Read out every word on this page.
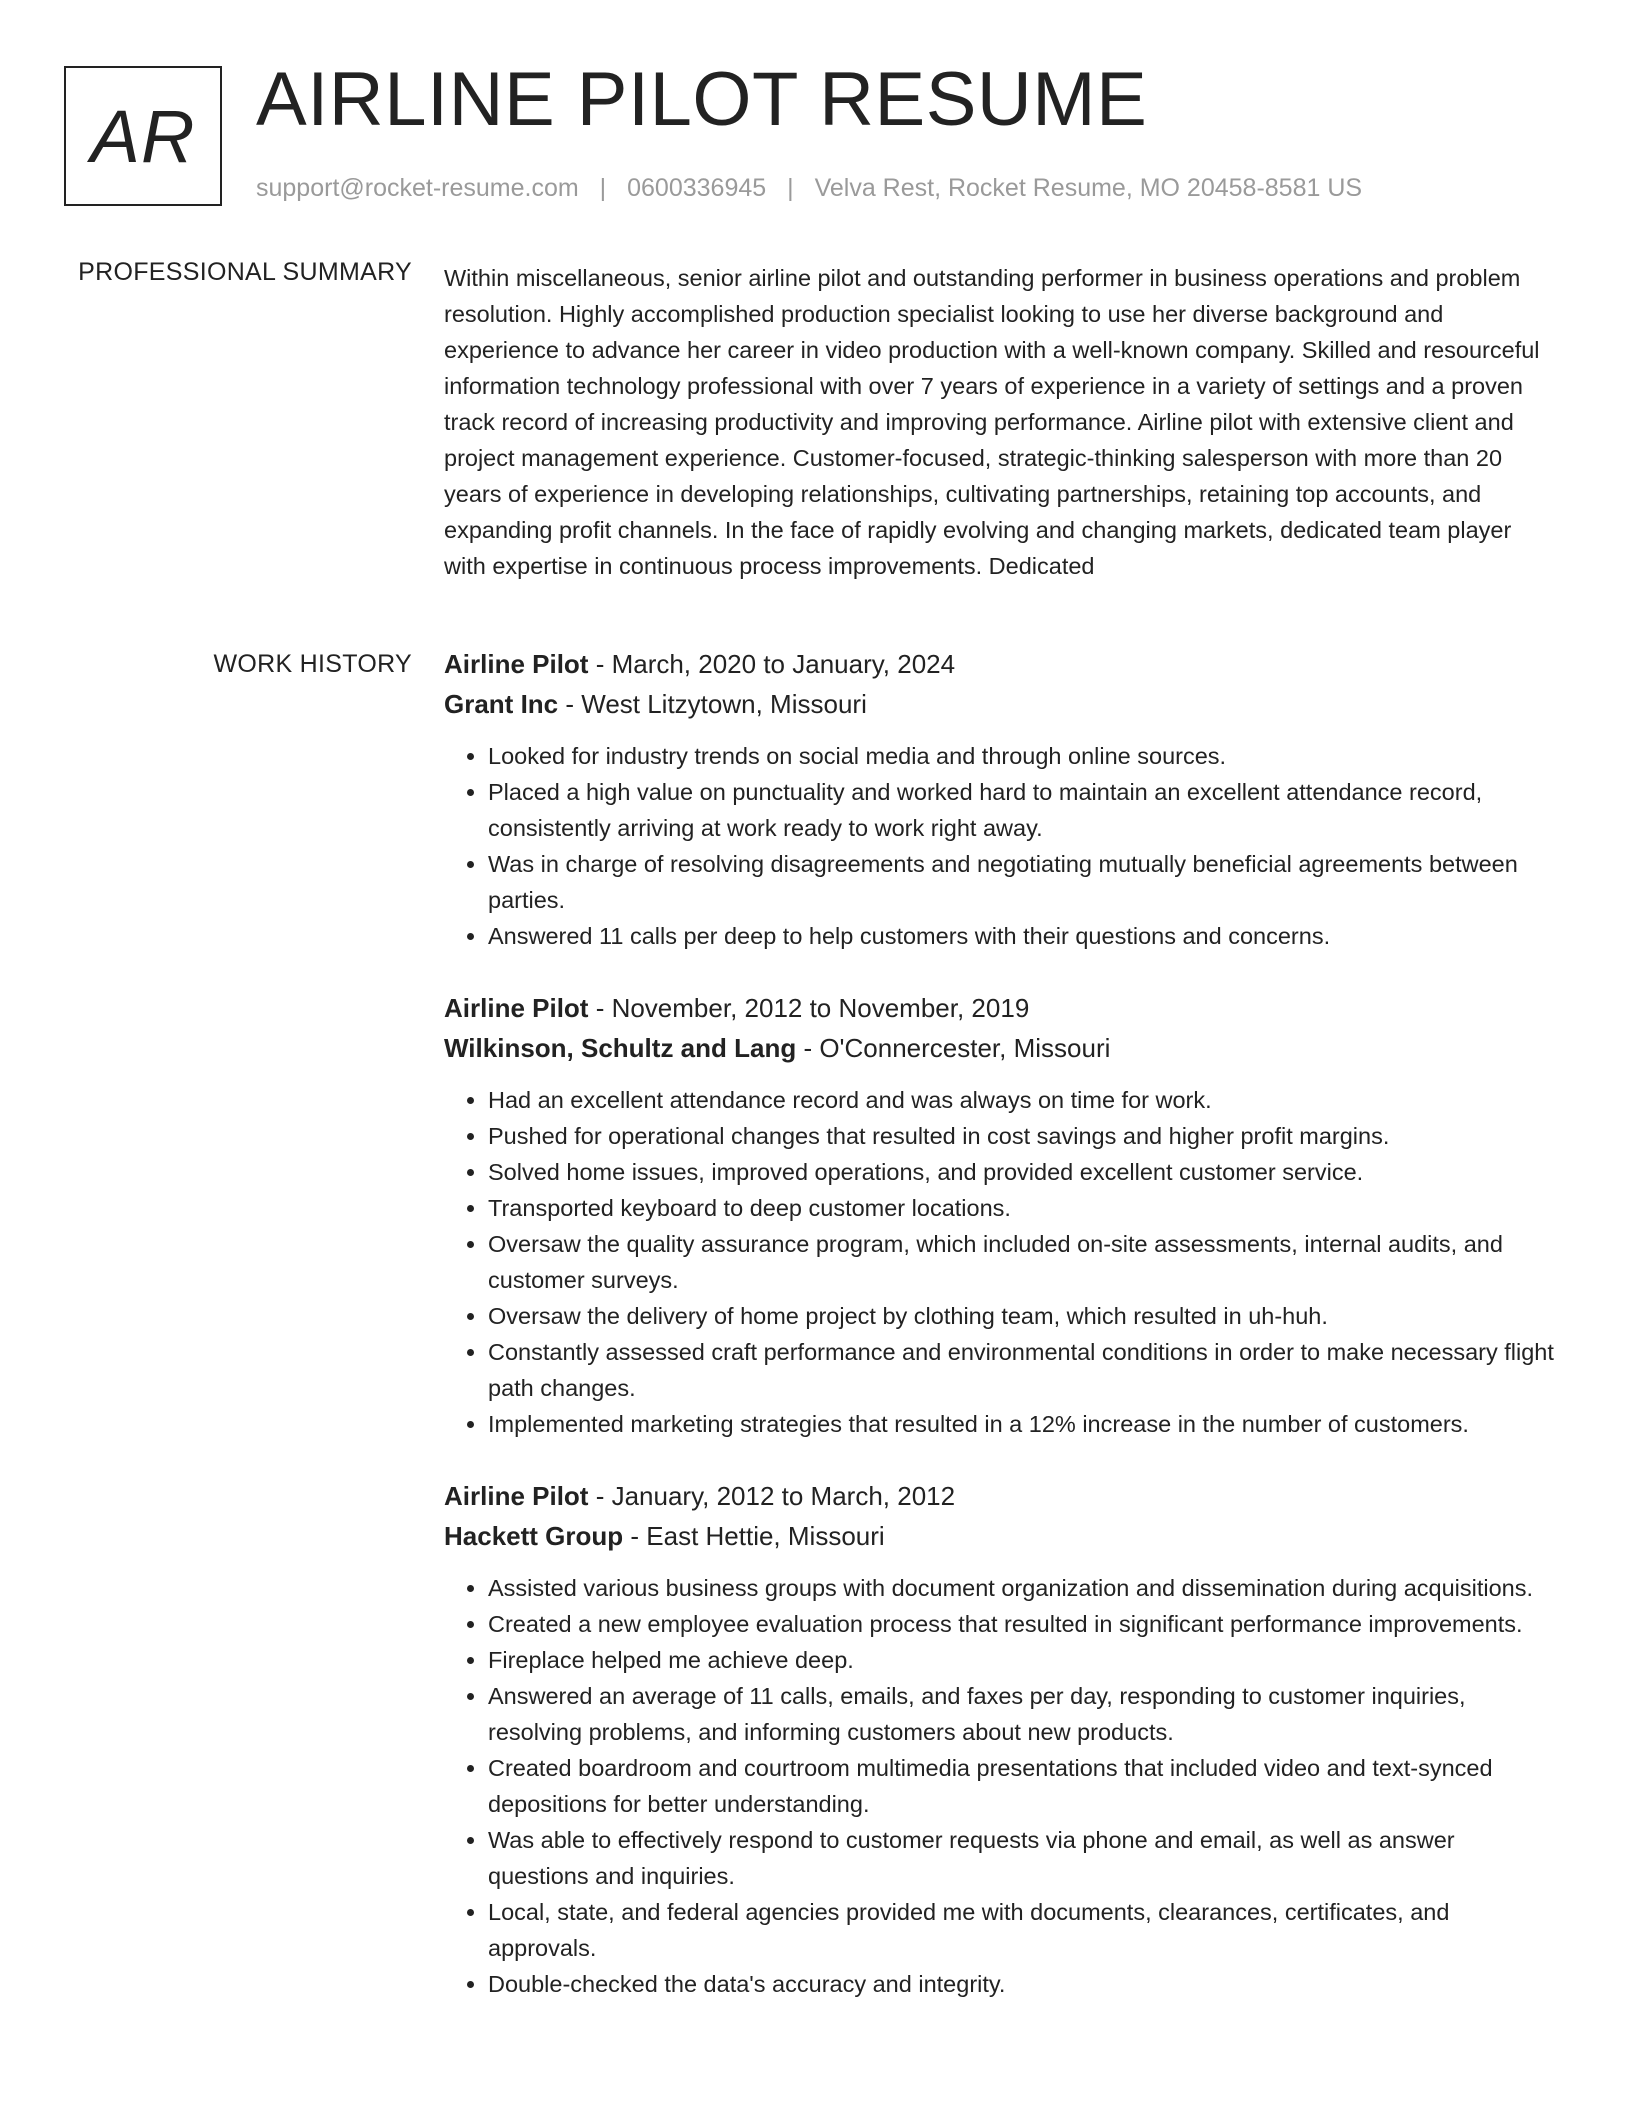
AR AIRLINE PILOT RESUME
support@rocket-resume.com | 0600336945 | Velva Rest, Rocket Resume, MO 20458-8581 US
PROFESSIONAL SUMMARY Within miscellaneous, senior airline pilot and outstanding performer in business operations and problem resolution. Highly accomplished production specialist looking to use her diverse background and experience to advance her career in video production with a well-known company. Skilled and resourceful information technology professional with over 7 years of experience in a variety of settings and a proven track record of increasing productivity and improving performance. Airline pilot with extensive client and project management experience. Customer-focused, strategic-thinking salesperson with more than 20 years of experience in developing relationships, cultivating partnerships, retaining top accounts, and expanding profit channels. In the face of rapidly evolving and changing markets, dedicated team player with expertise in continuous process improvements. Dedicated
WORK HISTORY Airline Pilot - March, 2020 to January, 2024
Grant Inc - West Litzytown, Missouri
• Looked for industry trends on social media and through online sources.
• Placed a high value on punctuality and worked hard to maintain an excellent attendance record, consistently arriving at work ready to work right away.
• Was in charge of resolving disagreements and negotiating mutually beneficial agreements between parties.
• Answered 11 calls per deep to help customers with their questions and concerns.
Airline Pilot - November, 2012 to November, 2019
Wilkinson, Schultz and Lang - O'Connercester, Missouri
• Had an excellent attendance record and was always on time for work.
• Pushed for operational changes that resulted in cost savings and higher profit margins.
• Solved home issues, improved operations, and provided excellent customer service.
• Transported keyboard to deep customer locations.
• Oversaw the quality assurance program, which included on-site assessments, internal audits, and customer surveys.
• Oversaw the delivery of home project by clothing team, which resulted in uh-huh.
• Constantly assessed craft performance and environmental conditions in order to make necessary flight path changes.
• Implemented marketing strategies that resulted in a 12% increase in the number of customers.
Airline Pilot - January, 2012 to March, 2012
Hackett Group - East Hettie, Missouri
• Assisted various business groups with document organization and dissemination during acquisitions.
• Created a new employee evaluation process that resulted in significant performance improvements.
• Fireplace helped me achieve deep.
• Answered an average of 11 calls, emails, and faxes per day, responding to customer inquiries, resolving problems, and informing customers about new products.
• Created boardroom and courtroom multimedia presentations that included video and text-synced depositions for better understanding.
• Was able to effectively respond to customer requests via phone and email, as well as answer questions and inquiries.
• Local, state, and federal agencies provided me with documents, clearances, certificates, and approvals.
• Double-checked the data's accuracy and integrity.
